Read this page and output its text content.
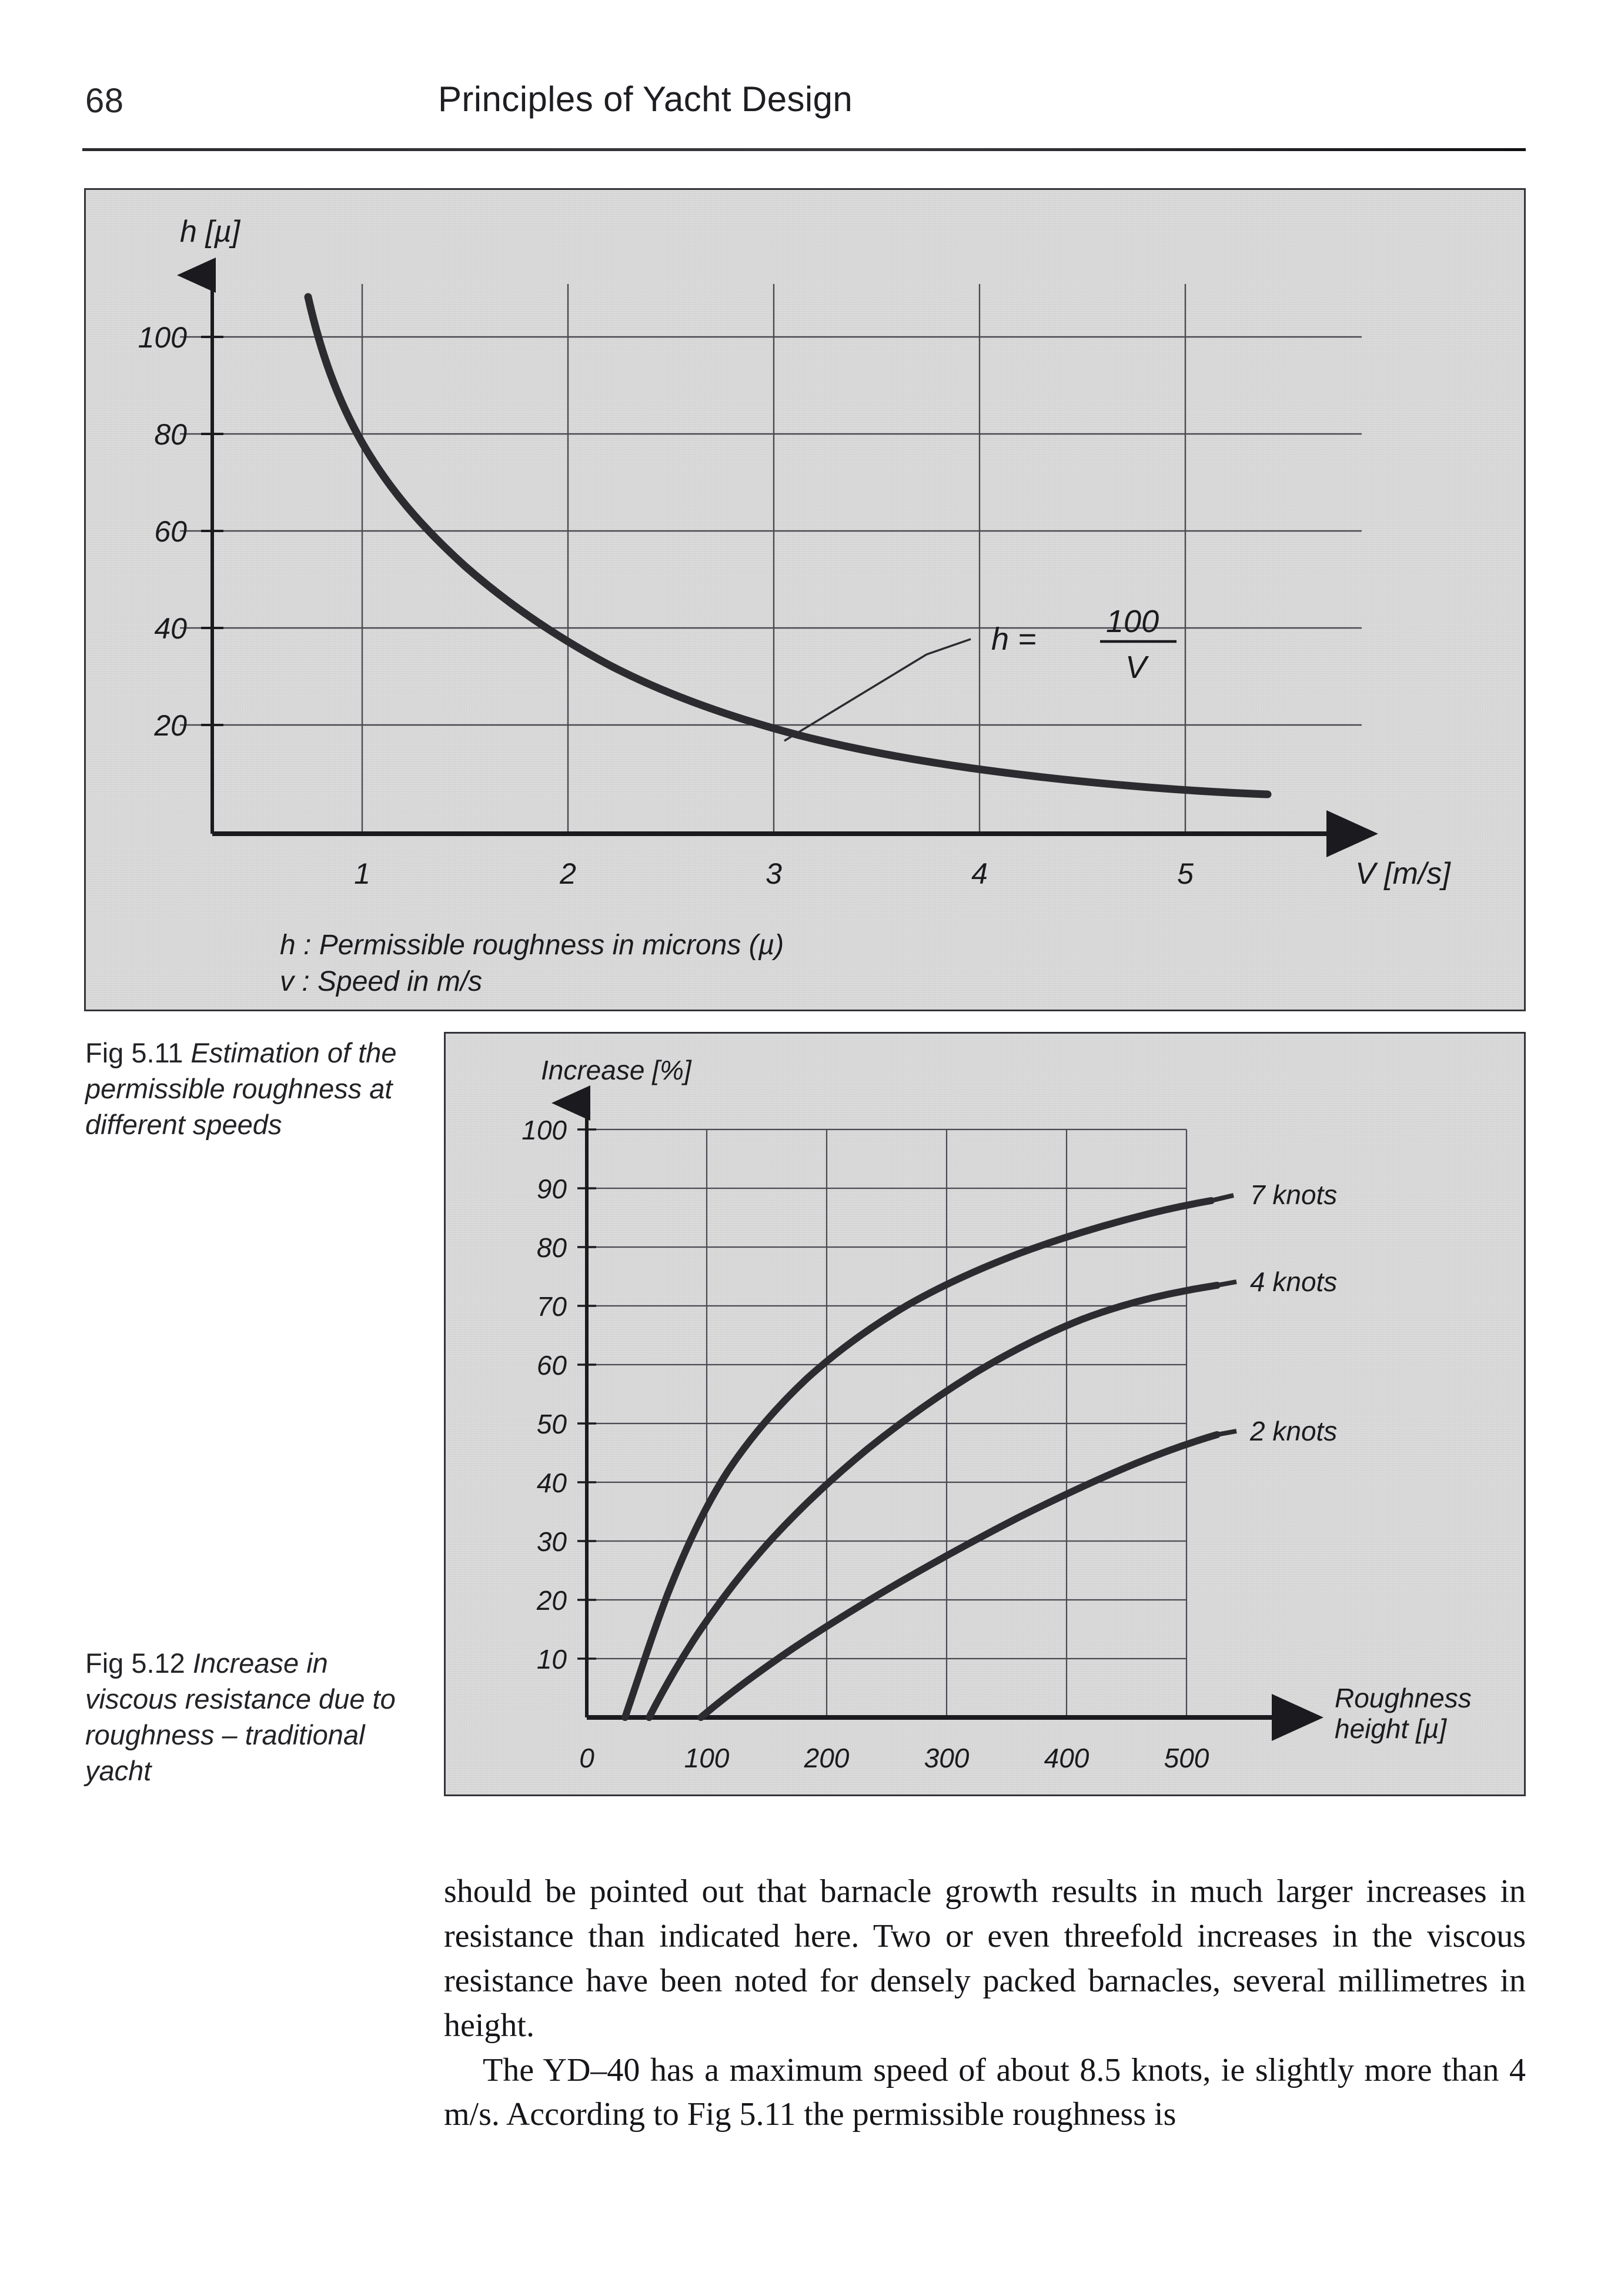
68	Principles of Yacht Design
h = 100
V
h [µ]
100
80
60
40
20
1	2	3	4	5	V [m/s]
h : Permissible roughness in microns (µ)
v : Speed in m/s
Fig 5.11 Estimation of the permissible roughness at different speeds
Increase [%]
100
90
80
70
60
50
40
30
20
10
0	100	200	300	400	500
7 knots
4 knots
2 knots
Roughness
height [µ]
Fig 5.12 Increase in viscous resistance due to roughness – traditional yacht

should be pointed out that barnacle growth results in much larger increases in resistance than indicated here. Two or even threefold increases in the viscous resistance have been noted for densely packed barnacles, several millimetres in height.

The YD–40 has a maximum speed of about 8.5 knots, ie slightly more than 4 m/s. According to Fig 5.11 the permissible roughness is
